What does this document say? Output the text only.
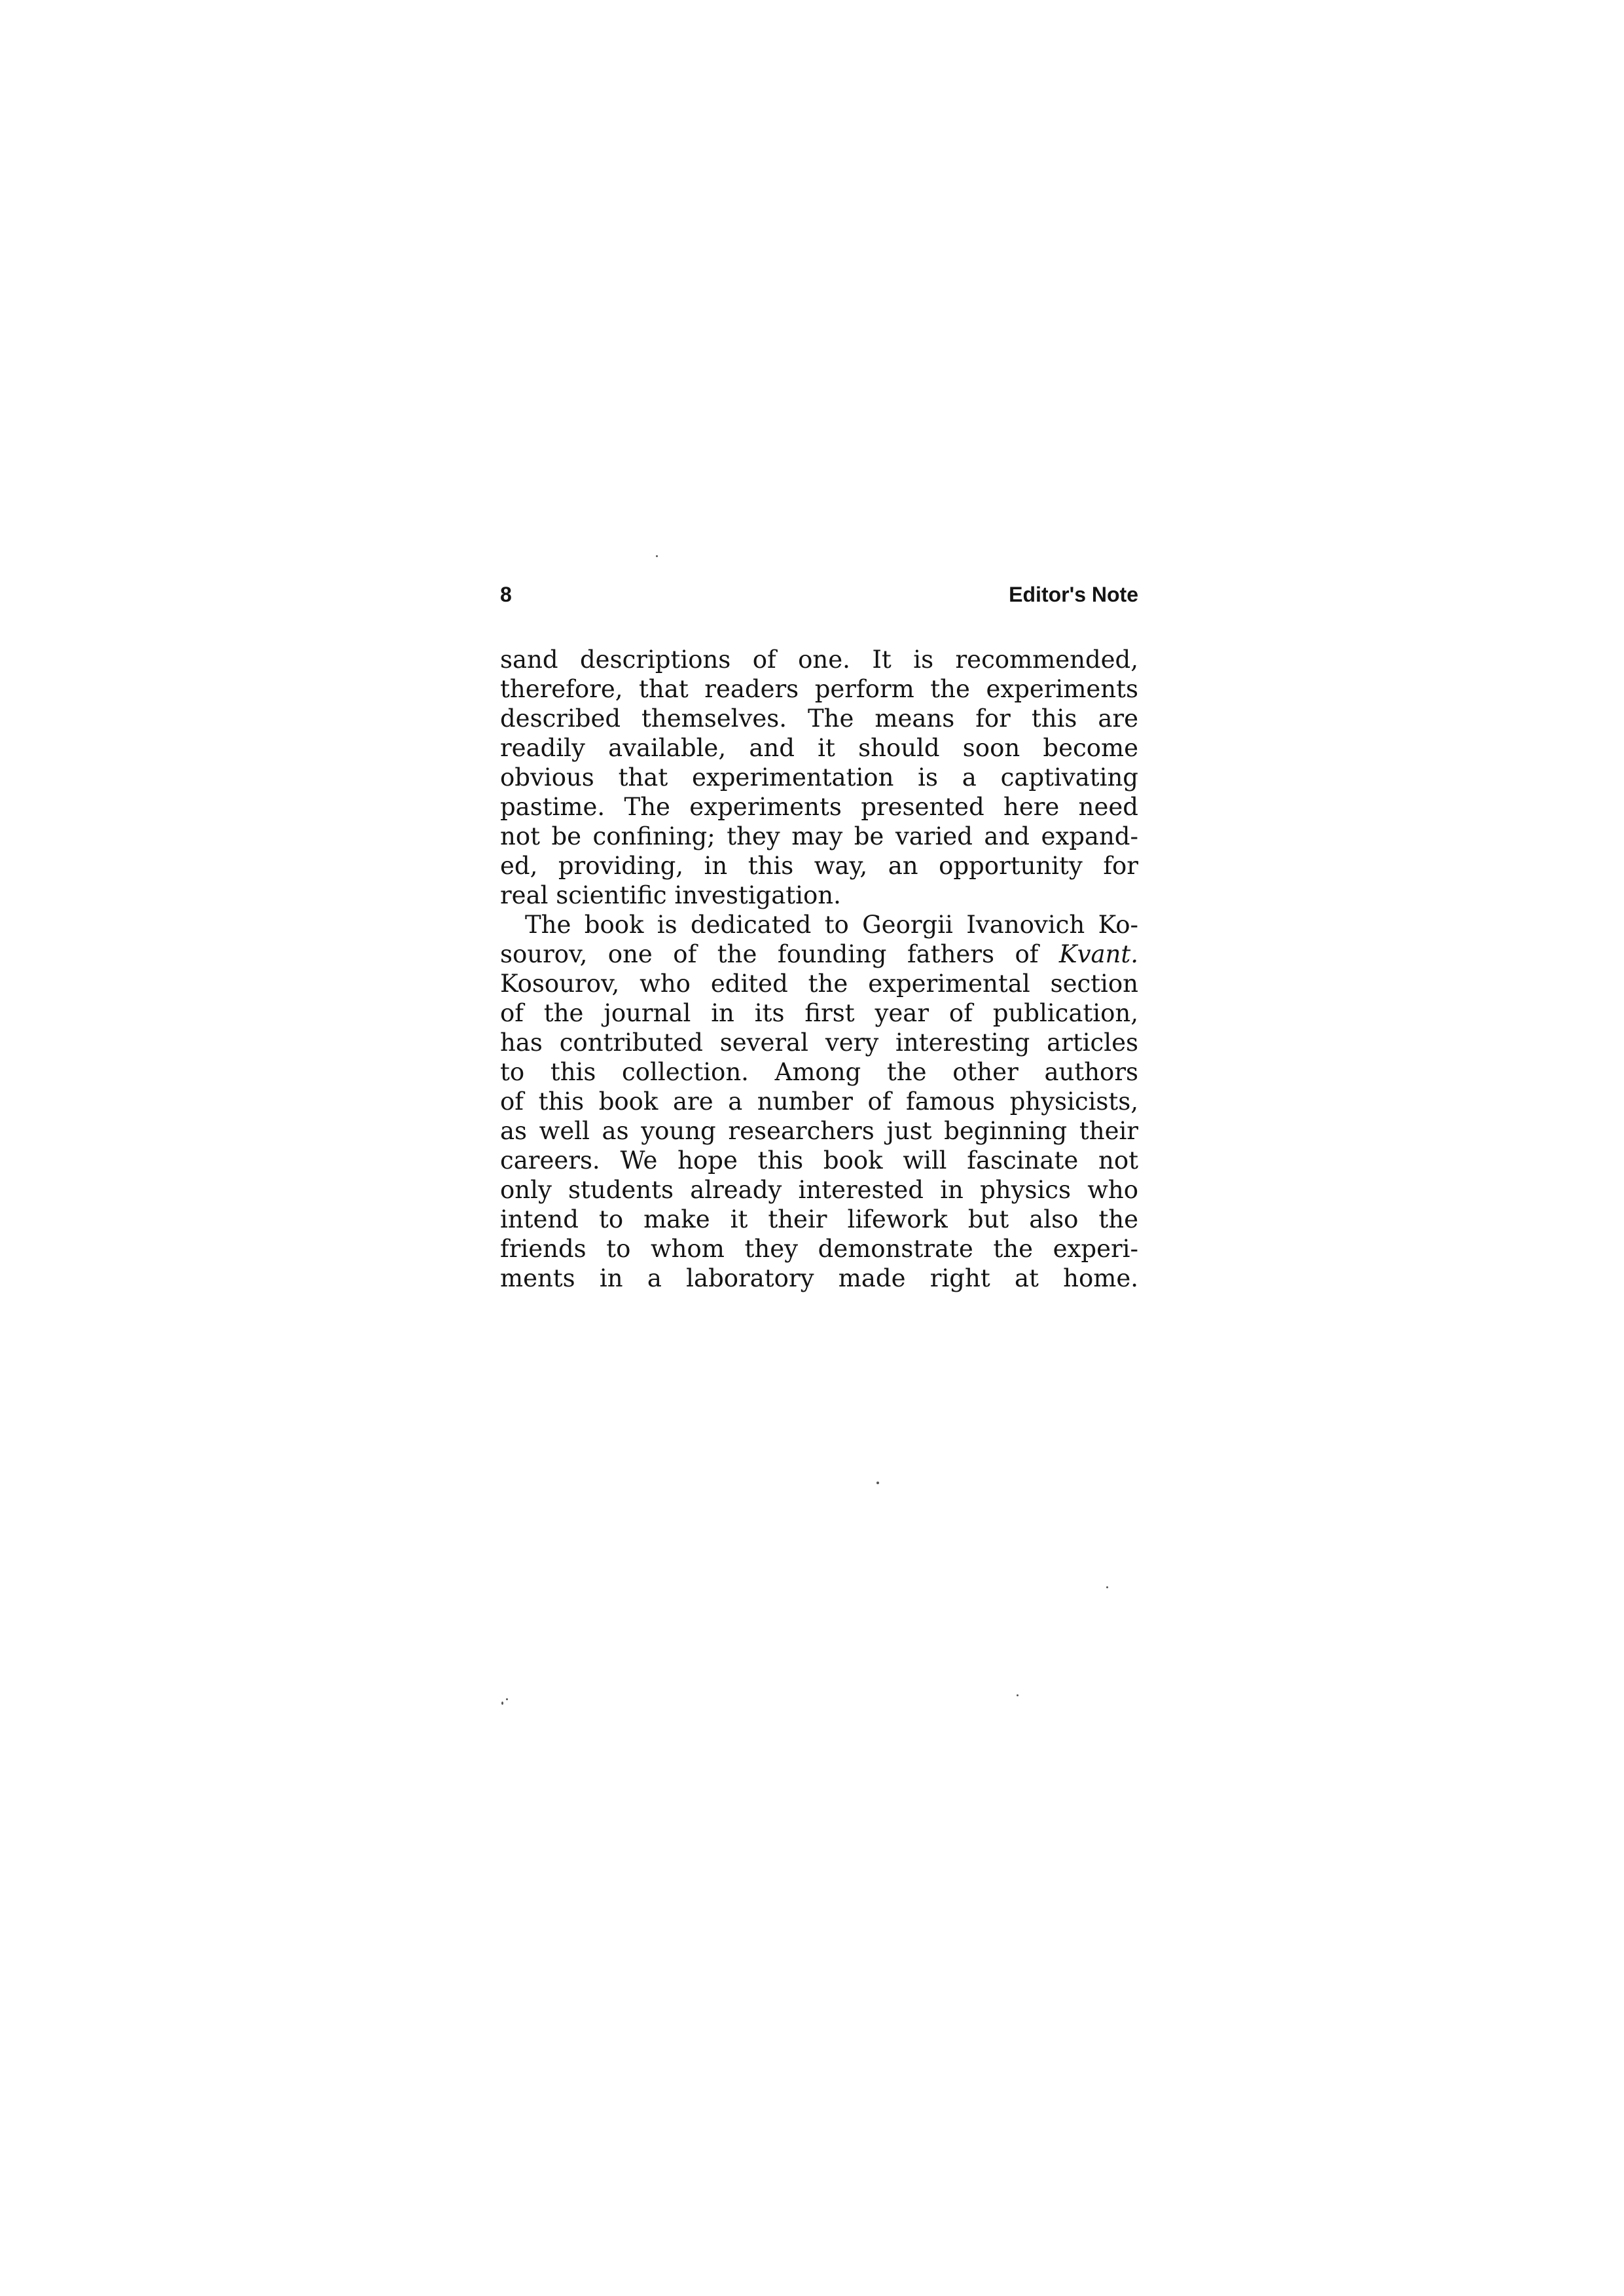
8	Editor's Note
sand descriptions of one. It is recommended,
therefore, that readers perform the experiments
described themselves. The means for this are
readily available, and it should soon become
obvious that experimentation is a captivating
pastime. The experiments presented here need
not be confining; they may be varied and expand-
ed, providing, in this way, an opportunity for
real scientific investigation.
The book is dedicated to Georgii Ivanovich Ko-
sourov, one of the founding fathers of Kvant.
Kosourov, who edited the experimental section
of the journal in its first year of publication,
has contributed several very interesting articles
to this collection. Among the other authors
of this book are a number of famous physicists,
as well as young researchers just beginning their
careers. We hope this book will fascinate not
only students already interested in physics who
intend to make it their lifework but also the
friends to whom they demonstrate the experi-
ments in a laboratory made right at home.
